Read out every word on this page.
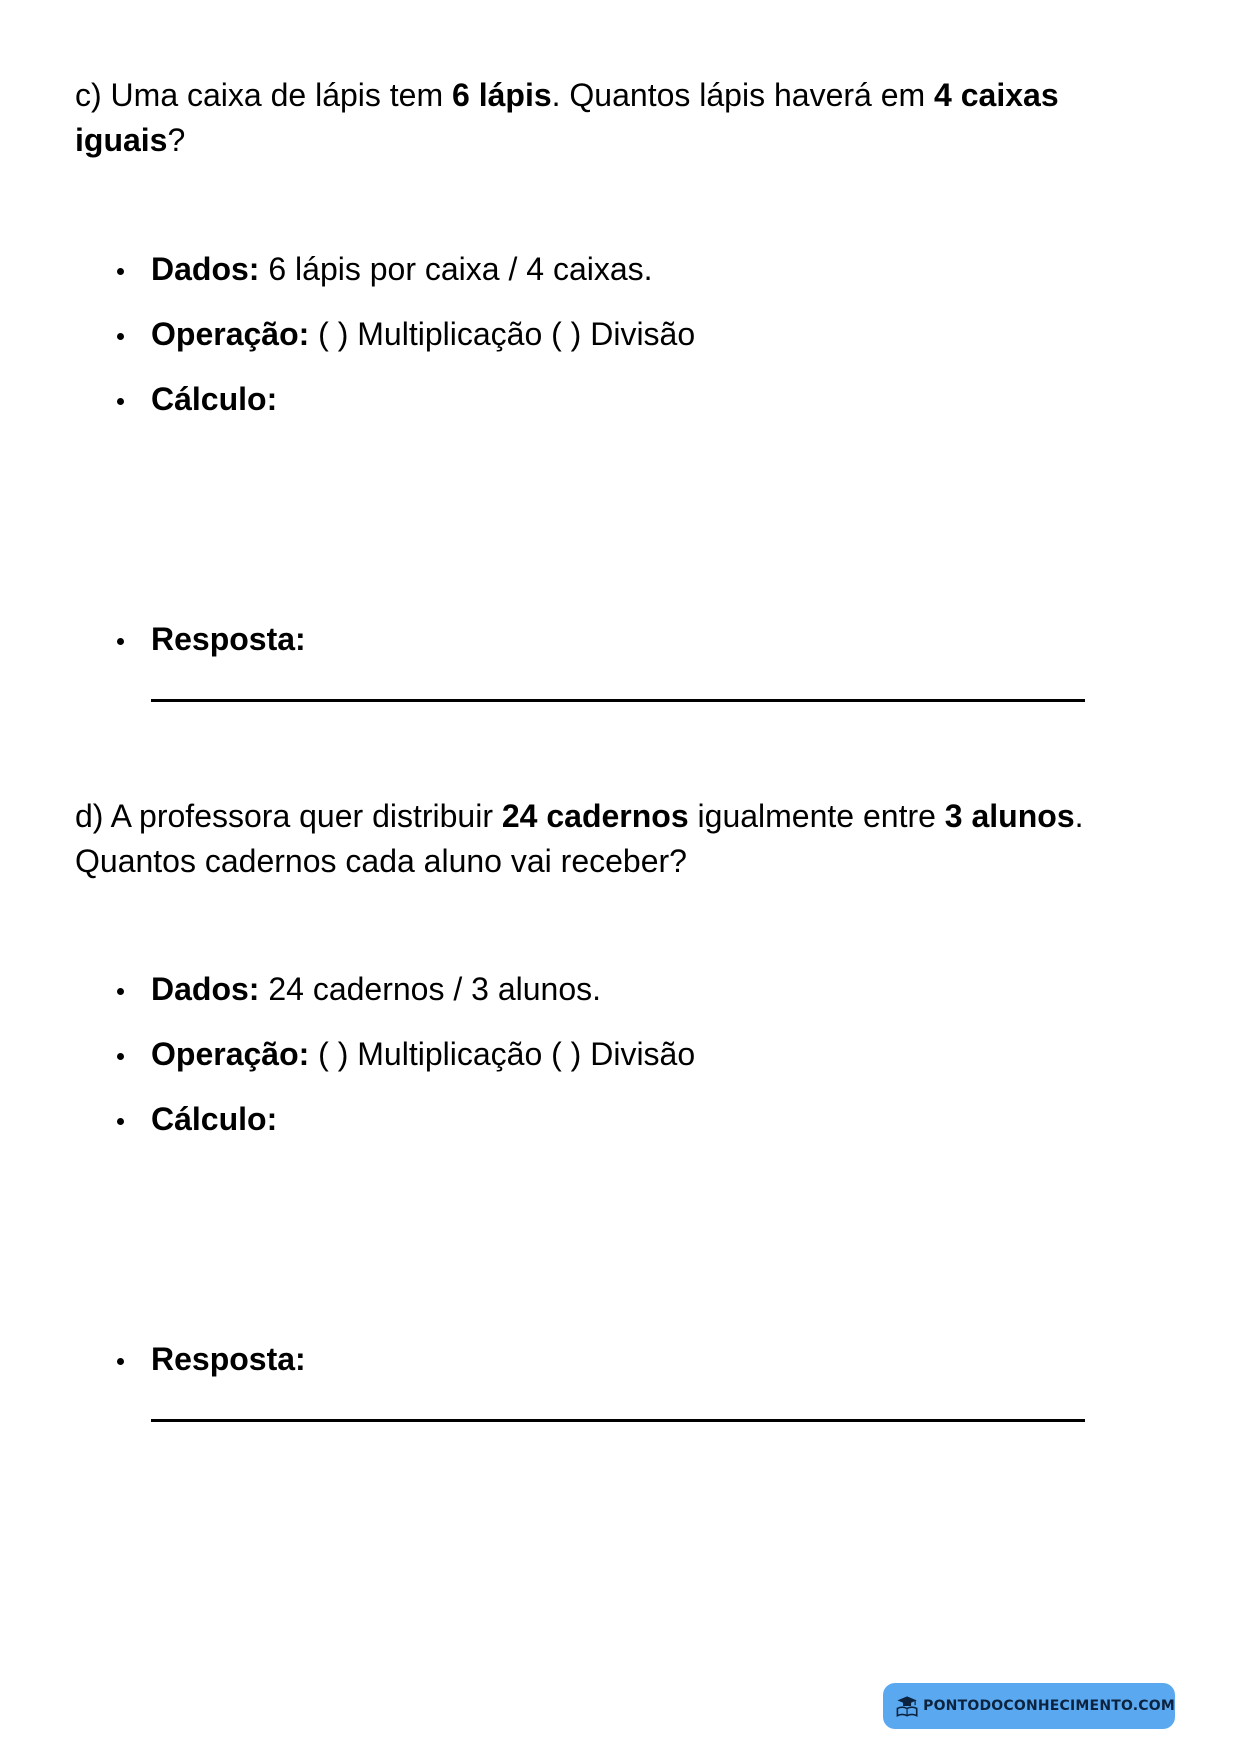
c) Uma caixa de lápis tem 6 lápis. Quantos lápis haverá em 4 caixas iguais?
Dados: 6 lápis por caixa / 4 caixas.
Operação: ( ) Multiplicação ( ) Divisão
Cálculo:
Resposta:
d) A professora quer distribuir 24 cadernos igualmente entre 3 alunos. Quantos cadernos cada aluno vai receber?
Dados: 24 cadernos / 3 alunos.
Operação: ( ) Multiplicação ( ) Divisão
Cálculo:
Resposta:
PONTODOCONHECIMENTO.COM
